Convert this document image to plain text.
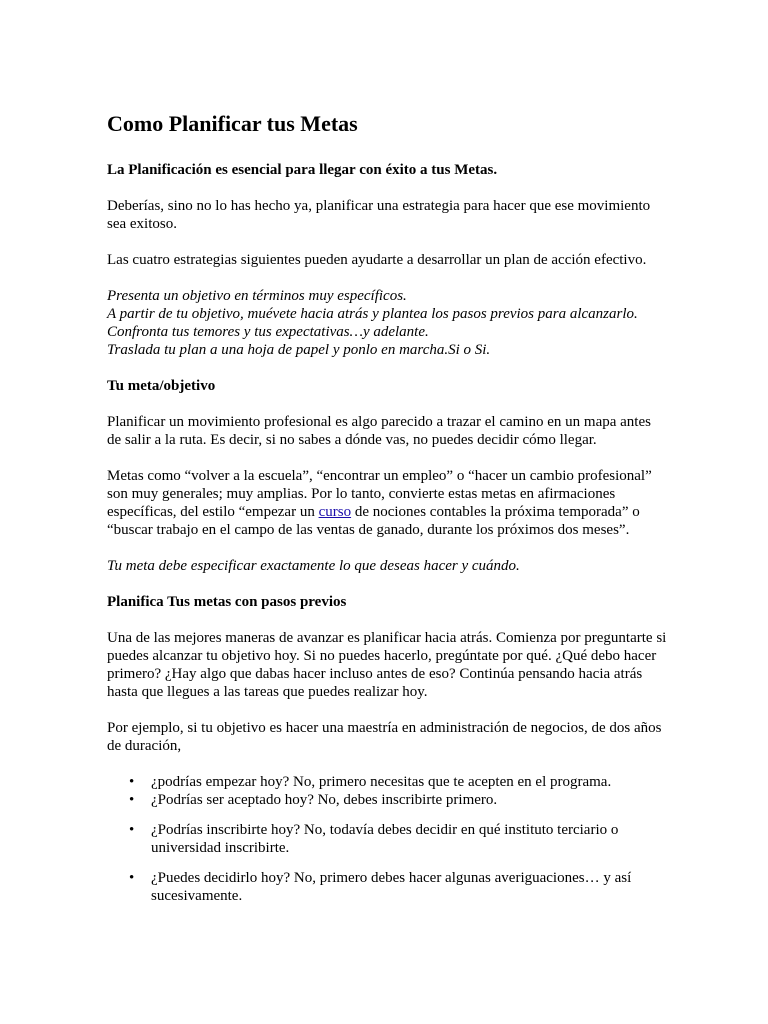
Como Planificar tus Metas

La Planificación es esencial para llegar con éxito a tus Metas.

Deberías, sino no lo has hecho ya, planificar una estrategia para hacer que ese movimiento sea exitoso.

Las cuatro estrategias siguientes pueden ayudarte a desarrollar un plan de acción efectivo.

Presenta un objetivo en términos muy específicos.
A partir de tu objetivo, muévete hacia atrás y plantea los pasos previos para alcanzarlo.
Confronta tus temores y tus expectativas…y adelante.
Traslada tu plan a una hoja de papel y ponlo en marcha.Si o Si.

Tu meta/objetivo

Planificar un movimiento profesional es algo parecido a trazar el camino en un mapa antes de salir a la ruta. Es decir, si no sabes a dónde vas, no puedes decidir cómo llegar.

Metas como “volver a la escuela”, “encontrar un empleo” o “hacer un cambio profesional” son muy generales; muy amplias. Por lo tanto, convierte estas metas en afirmaciones específicas, del estilo “empezar un curso de nociones contables la próxima temporada” o “buscar trabajo en el campo de las ventas de ganado, durante los próximos dos meses”.

Tu meta debe especificar exactamente lo que deseas hacer y cuándo.

Planifica Tus metas con pasos previos

Una de las mejores maneras de avanzar es planificar hacia atrás. Comienza por preguntarte si puedes alcanzar tu objetivo hoy. Si no puedes hacerlo, pregúntate por qué. ¿Qué debo hacer primero? ¿Hay algo que dabas hacer incluso antes de eso? Continúa pensando hacia atrás hasta que llegues a las tareas que puedes realizar hoy.

Por ejemplo, si tu objetivo es hacer una maestría en administración de negocios, de dos años de duración,

• ¿podrías empezar hoy? No, primero necesitas que te acepten en el programa.
• ¿Podrías ser aceptado hoy? No, debes inscribirte primero.
• ¿Podrías inscribirte hoy? No, todavía debes decidir en qué instituto terciario o universidad inscribirte.
• ¿Puedes decidirlo hoy? No, primero debes hacer algunas averiguaciones… y así sucesivamente.
